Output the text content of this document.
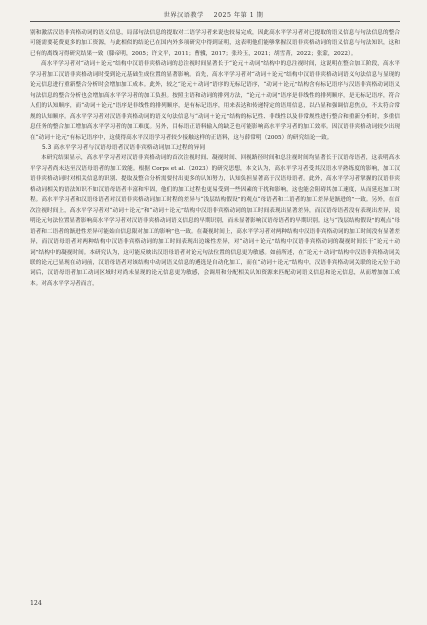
世界汉语教学 2025 年第 1 期

别和激活汉语非宾格动词的语义信息，局部句法信息的提取对二语学习者来说也较易完成，因此高水平学习者对已提取的语义信息与句法信息的整合可能需要花费更多的加工资源，与此相似的结论已在国内外多项研究中得到证明，这表明他们能够掌握汉语非宾格动词的语义信息与句法知识，这和已有的离线习得研究结果一致（滕帝明，2005；许文平，2011；曹骥，2017；张玲玉，2021；胡雪菁，2022；张蒙，2022）。

高水平学习者对“动词＋论元”结构中汉语非宾格动词的总注视时间显著长于“论元＋动词”结构中的总注视时间，这说明在整合加工阶段，高水平学习者加工汉语非宾格动词时受到论元基础生成位置的显著影响。首先，高水平学习者对“动词＋论元”结构中汉语非宾格动词语义句法信息与显现的论元信息进行重新整合分析时会增加加工成本。此外，较之“论元＋动词”语序的无标记语序，“动词＋论元”结构含有标记语序与汉语非宾格动词语义句法信息的整合分析也会增加高水平学习者的加工负担。按照主语和动词的排列方法，“论元＋动词”语序是非线性的排列顺序，是无标记语序，符合人们的认知顺序，而“动词＋论元”语序是非线性的排列顺序，是有标记语序，用来表达和传递特定的语用信息，以凸显和强调信息焦点，不太符合常规的认知顺序。高水平学习者对汉语非宾格动词的语义句法信息与“动词＋论元”结构的标记性、非线性以及非常规性进行整合和重新分析时，多重信息任务的整合加工增加高水平学习者的加工难度。另外，目标语正语料输入的缺乏也可能影响高水平学习者的加工效率。因汉语非宾格动词较少出现在“动词＋论元”有标记语序中，这使得高水平汉语学习者较少接触这样的正语料，这与薛常明（2005）的研究结论一致。

5.3 高水平学习者与汉语母语者汉语非宾格动词加工过程的异同

本研究结果显示，高水平学习者对汉语非宾格动词的首次注视时间、凝视时间、回视路径时间和总注视时间均显著长于汉语母语者，这表明高水平学习者尚未达至汉语母语者的加工效能。根据 Corps et al.（2023）的研究思想，本文认为，高水平学习者受其汉语水平熟练度的影响，加工汉语非宾格动词时对相关信息的识别、提取及整合分析需要付出更多的认知努力，认知负担显著高于汉语母语者。此外，高水平学习者掌握的汉语非宾格动词相关的语法知识不如汉语母语者丰富和牢固，他们的加工过程也更易受到一些因素的干扰和影响，这也能会阻碍其加工速度，从而延迟加工时程。高水平学习者和汉语母语者对汉语非宾格动词加工时程的差异与“浅层结构假设”的观点“母语者和二语者的加工差异是渐进的”一致。另外，在首次注视时间上，高水平学习者对“动词＋论元”和“动词＋论元”结构中汉语非宾格动词的加工时间表现出显著差异，而汉语母语者没有表现出差异，说明论元句法位置显著影响高水平学习者对汉语非宾格动词语义信息的早期识别，而未显著影响汉语母语者的早期识别。这与“浅层结构假设”的观点“母语者和二语者的渐进性差异可能始自信息限对加工的影响”也一致。在凝视时间上，高水平学习者对两种结构中汉语非宾格动词的加工时间没有显著差异，而汉语母语者对两种结构中汉语非宾格动词的加工时间表现出边缘性差异，对“动词＋论元”结构中汉语非宾格动词的凝视时间长于“论元＋动词”结构中的凝视时间。本研究认为，这可能反映出汉语母语者对论元句法位置的信息更为敏感。如前所述，在“论元＋动词”结构中汉语非宾格动词关联的论元已显现在动词前，汉语母语者对该结构中动词语义信息的遴选是自动化加工，而在“动词＋论元”结构中，汉语非宾格动词关联的论元位于动词后，汉语母语者加工动词区域时对尚未显现的论元信息更为敏感，会调用和分配相关认知资源来匹配动词语义信息和论元信息，从而增加加工成本。对高水平学习者而言，

124
